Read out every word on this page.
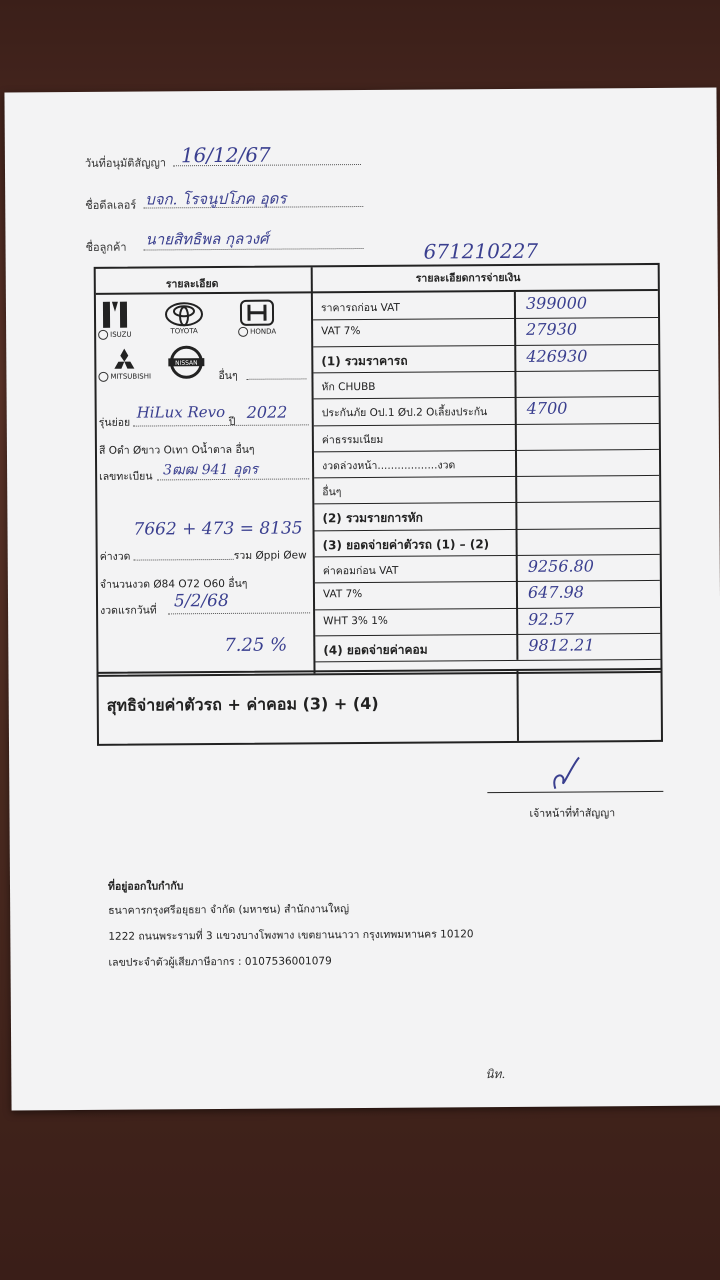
วันที่อนุมัติสัญญา 16/12/67
ชื่อดีลเลอร์ บจก. โรจนูปโภค อุดร
ชื่อลูกค้า นายสิทธิพล กุลวงศ์	671210227
รายละเอียด	รายละเอียดการจ่ายเงิน
ISUZU	TOYOTA	HONDA
MITSUBISHI
NISSAN
อื่นๆ
รุ่นย่อย
HiLux Revo
ปี
2022
สี Oดำ Øขาว Oเทา Oน้ำตาล อื่นๆ
เลขทะเบียน 3ฒฒ 941 อุดร
7662 + 473 = 8135
ค่างวด	รวม Øppi Øew
จำนวนงวด Ø84 O72 O60 อื่นๆ
งวดแรกวันที่ 5/2/68
7.25 %
ราคารถก่อน VAT	399000
VAT 7%	27930
(1) รวมราคารถ	426930
หัก CHUBB
ประกันภัย Oป.1 Øป.2 Oเลี้ยงประกัน 4700
ค่าธรรมเนียม
งวดล่วงหน้า..................งวด
อื่นๆ
(2) รวมรายการหัก
(3) ยอดจ่ายค่าตัวรถ (1) – (2)
ค่าคอมก่อน VAT	9256.80
VAT 7%	647.98
WHT 3% 1%	92.57
(4) ยอดจ่ายค่าคอม	9812.21
สุทธิจ่ายค่าตัวรถ + ค่าคอม (3) + (4)
เจ้าหน้าที่ทำสัญญา
ที่อยู่ออกใบกำกับ
ธนาคารกรุงศรีอยุธยา จำกัด (มหาชน) สำนักงานใหญ่
1222 ถนนพระรามที่ 3 แขวงบางโพงพาง เขตยานนาวา กรุงเทพมหานคร 10120
เลขประจำตัวผู้เสียภาษีอากร : 0107536001079
นิท.
